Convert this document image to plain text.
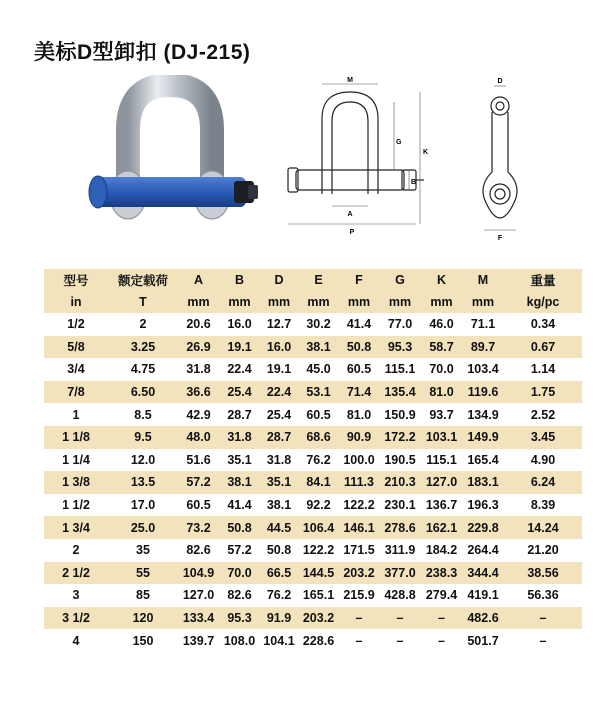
美标D型卸扣 (DJ-215)
M
G
K
B
A
P
D
F
型号	额定载荷	A	B	D	E	F	G	K	M	重量
in	T	mm	mm	mm	mm	mm	mm	mm	mm	kg/pc
1/2	2	20.6	16.0	12.7	30.2	41.4	77.0	46.0	71.1	0.34
5/8	3.25	26.9	19.1	16.0	38.1	50.8	95.3	58.7	89.7	0.67
3/4	4.75	31.8	22.4	19.1	45.0	60.5	115.1	70.0	103.4	1.14
7/8	6.50	36.6	25.4	22.4	53.1	71.4	135.4	81.0	119.6	1.75
1	8.5	42.9	28.7	25.4	60.5	81.0	150.9	93.7	134.9	2.52
1 1/8	9.5	48.0	31.8	28.7	68.6	90.9	172.2	103.1	149.9	3.45
1 1/4	12.0	51.6	35.1	31.8	76.2	100.0	190.5	115.1	165.4	4.90
1 3/8	13.5	57.2	38.1	35.1	84.1	111.3	210.3	127.0	183.1	6.24
1 1/2	17.0	60.5	41.4	38.1	92.2	122.2	230.1	136.7	196.3	8.39
1 3/4	25.0	73.2	50.8	44.5	106.4	146.1	278.6	162.1	229.8	14.24
2	35	82.6	57.2	50.8	122.2	171.5	311.9	184.2	264.4	21.20
2 1/2	55	104.9	70.0	66.5	144.5	203.2	377.0	238.3	344.4	38.56
3	85	127.0	82.6	76.2	165.1	215.9	428.8	279.4	419.1	56.36
3 1/2	120	133.4	95.3	91.9	203.2	–	–	–	482.6	–
4	150	139.7	108.0	104.1	228.6	–	–	–	501.7	–
